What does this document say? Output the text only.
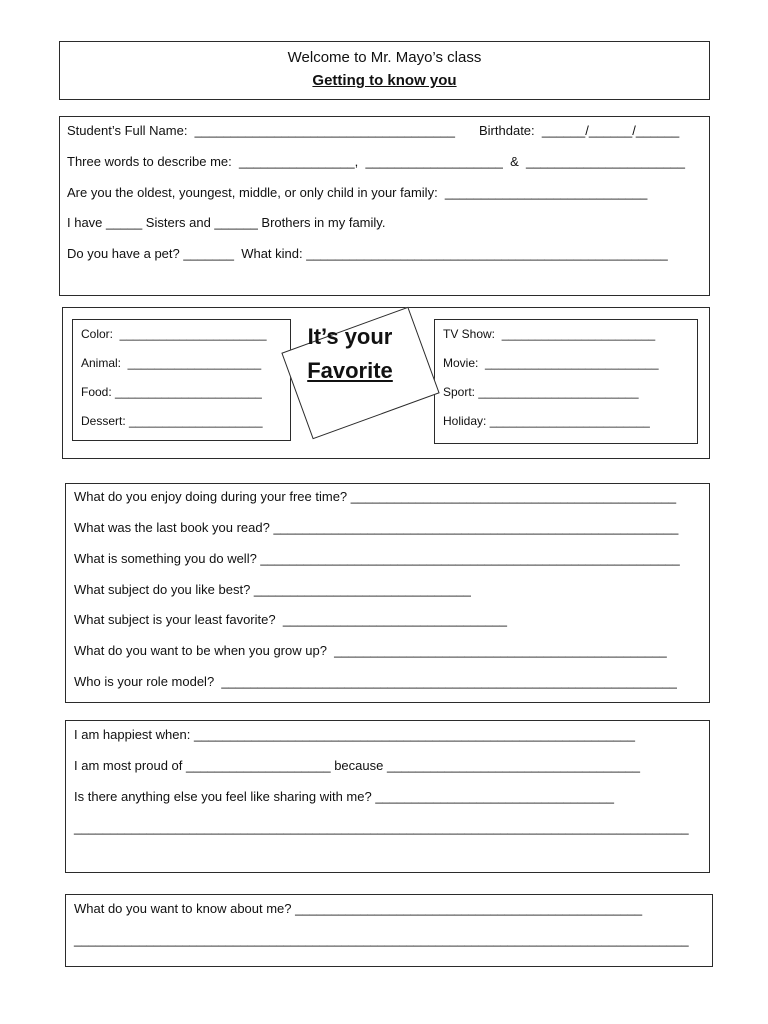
Welcome to Mr. Mayo’s class
Getting to know you
Student’s Full Name:  ____________________________________ Birthdate:  ______/______/______
Three words to describe me:  ________________,  ___________________  &  ______________________
Are you the oldest, youngest, middle, or only child in your family:  ____________________________
I have _____ Sisters and ______ Brothers in my family.
Do you have a pet? _______  What kind: __________________________________________________
Color:  ______________________
Animal:  ____________________
Food: ______________________
Dessert: ____________________
TV Show:  _______________________
Movie:  __________________________
Sport: ________________________
Holiday: ________________________
It’s your
Favorite
What do you enjoy doing during your free time? _____________________________________________
What was the last book you read? ________________________________________________________
What is something you do well? __________________________________________________________
What subject do you like best? ______________________________
What subject is your least favorite?  _______________________________
What do you want to be when you grow up?  ______________________________________________
Who is your role model?  _______________________________________________________________
I am happiest when: _____________________________________________________________
I am most proud of ____________________ because ___________________________________
Is there anything else you feel like sharing with me? _________________________________
_____________________________________________________________________________________
What do you want to know about me? ________________________________________________
_____________________________________________________________________________________
